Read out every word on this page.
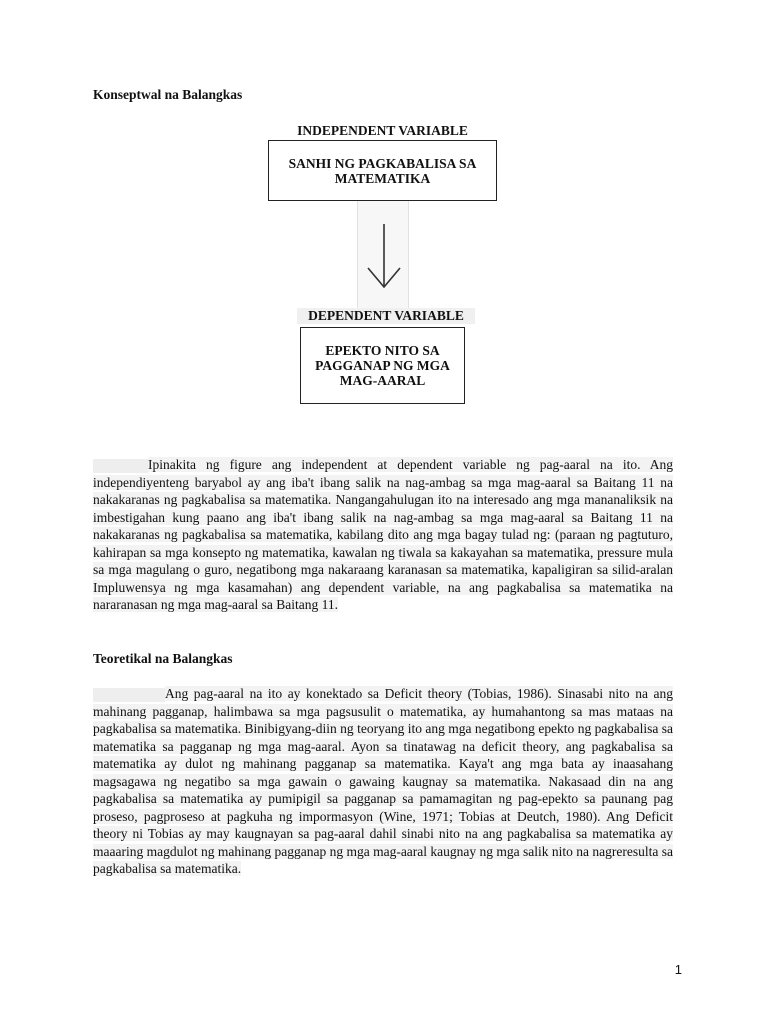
Konseptwal na Balangkas
INDEPENDENT VARIABLE
SANHI NG PAGKABALISA SA MATEMATIKA
DEPENDENT VARIABLE
EPEKTO NITO SA PAGGANAP NG MGA MAG-AARAL

Ipinakita ng figure ang independent at dependent variable ng pag-aaral na ito. Ang independiyenteng baryabol ay ang iba't ibang salik na nag-ambag sa mga mag-aaral sa Baitang 11 na nakakaranas ng pagkabalisa sa matematika. Nangangahulugan ito na interesado ang mga mananaliksik na imbestigahan kung paano ang iba't ibang salik na nag-ambag sa mga mag-aaral sa Baitang 11 na nakakaranas ng pagkabalisa sa matematika, kabilang dito ang mga bagay tulad ng: (paraan ng pagtuturo, kahirapan sa mga konsepto ng matematika, kawalan ng tiwala sa kakayahan sa matematika, pressure mula sa mga magulang o guro, negatibong mga nakaraang karanasan sa matematika, kapaligiran sa silid-aralan Impluwensya ng mga kasamahan) ang dependent variable, na ang pagkabalisa sa matematika na nararanasan ng mga mag-aaral sa Baitang 11.

Teoretikal na Balangkas

Ang pag-aaral na ito ay konektado sa Deficit theory (Tobias, 1986). Sinasabi nito na ang mahinang pagganap, halimbawa sa mga pagsusulit o matematika, ay humahantong sa mas mataas na pagkabalisa sa matematika. Binibigyang-diin ng teoryang ito ang mga negatibong epekto ng pagkabalisa sa matematika sa pagganap ng mga mag-aaral. Ayon sa tinatawag na deficit theory, ang pagkabalisa sa matematika ay dulot ng mahinang pagganap sa matematika. Kaya't ang mga bata ay inaasahang magsagawa ng negatibo sa mga gawain o gawaing kaugnay sa matematika. Nakasaad din na ang pagkabalisa sa matematika ay pumipigil sa pagganap sa pamamagitan ng pag-epekto sa paunang pag proseso, pagproseso at pagkuha ng impormasyon (Wine, 1971; Tobias at Deutch, 1980). Ang Deficit theory ni Tobias ay may kaugnayan sa pag-aaral dahil sinabi nito na ang pagkabalisa sa matematika ay maaaring magdulot ng mahinang pagganap ng mga mag-aaral kaugnay ng mga salik nito na nagreresulta sa pagkabalisa sa matematika.

1
